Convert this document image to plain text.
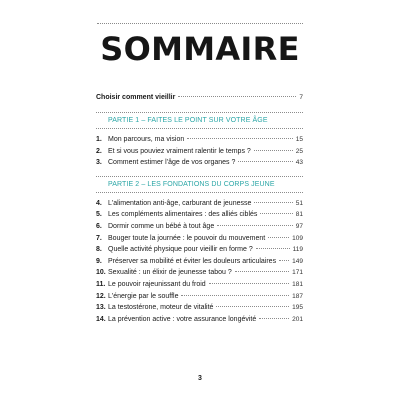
SOMMAIRE
Choisir comment vieillir	7
PARTIE 1 – FAITES LE POINT SUR VOTRE ÂGE
1. Mon parcours, ma vision	15
2. Et si vous pouviez vraiment ralentir le temps ?	25
3. Comment estimer l'âge de vos organes ?	43
PARTIE 2 – LES FONDATIONS DU CORPS JEUNE
4. L'alimentation anti-âge, carburant de jeunesse	51
5. Les compléments alimentaires : des alliés ciblés	81
6. Dormir comme un bébé à tout âge	97
7. Bouger toute la journée : le pouvoir du mouvement	109
8. Quelle activité physique pour vieillir en forme ?	119
9. Préserver sa mobilité et éviter les douleurs articulaires 149
10. Sexualité : un élixir de jeunesse tabou ?	171
11. Le pouvoir rajeunissant du froid	181
12. L'énergie par le souffle	187
13. La testostérone, moteur de vitalité	195
14. La prévention active : votre assurance longévité	201
3
